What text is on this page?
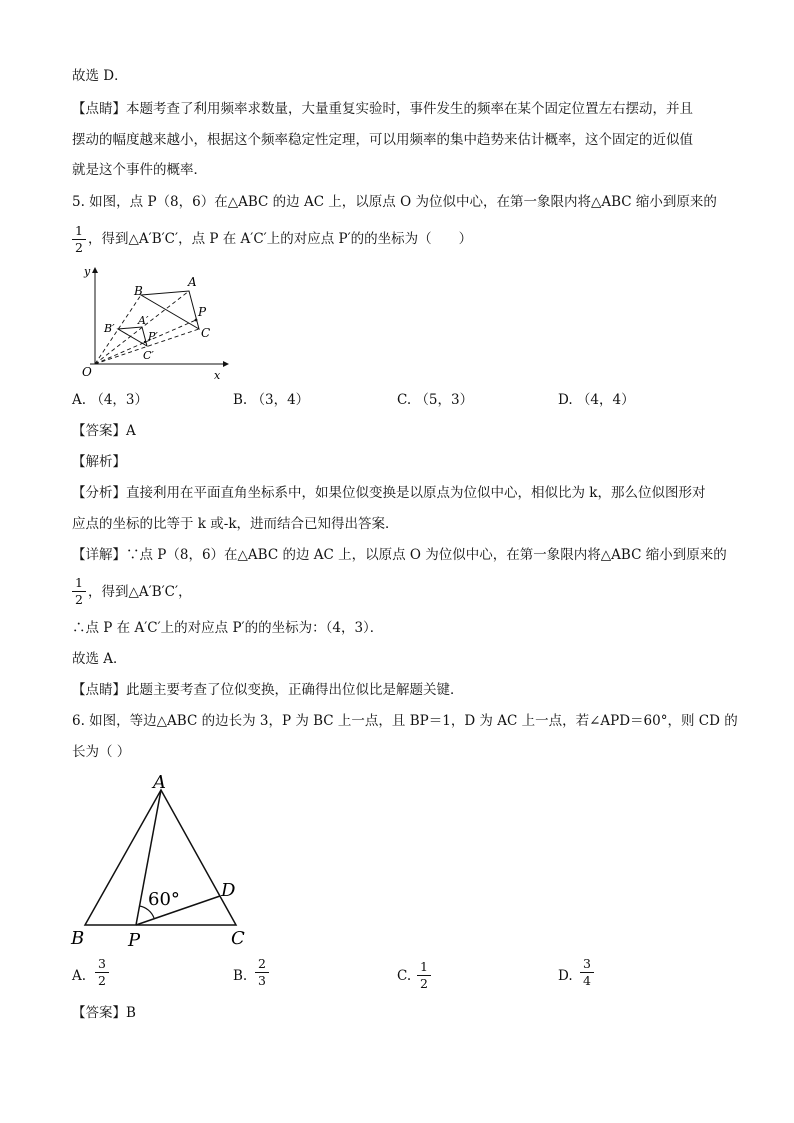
故选 D．
【点睛】本题考查了利用频率求数量，大量重复实验时，事件发生的频率在某个固定位置左右摆动，并且
摆动的幅度越来越小，根据这个频率稳定性定理，可以用频率的集中趋势来估计概率，这个固定的近似值
就是这个事件的概率．
5. 如图，点 P（8，6）在△ABC 的边 AC 上，以原点 O 为位似中心，在第一象限内将△ABC 缩小到原来的
1
2
，得到△A′B′C′，点 P 在 A′C′上的对应点 P′的的坐标为（　　）
y
x
O
A
B
C
P
A′
B′
C′
P′
A. （4，3）	B. （3，4）	C. （5，3）	D. （4，4）
【答案】A
【解析】
【分析】直接利用在平面直角坐标系中，如果位似变换是以原点为位似中心，相似比为 k，那么位似图形对
应点的坐标的比等于 k 或-k，进而结合已知得出答案．
【详解】∵点 P（8，6）在△ABC 的边 AC 上，以原点 O 为位似中心，在第一象限内将△ABC 缩小到原来的
1
2 ，得到△A′B′C′，
∴点 P 在 A′C′上的对应点 P′的的坐标为：（4，3）．
故选 A．
【点睛】此题主要考查了位似变换，正确得出位似比是解题关键．
6. 如图，等边△ABC 的边长为 3，P 为 BC 上一点，且 BP＝1，D 为 AC 上一点，若∠APD＝60°，则 CD 的
长为（ ）
60°
A
B	C
P
D
A.
3
2	B.
2
3	C.
1
2	D.
3
4
【答案】B
